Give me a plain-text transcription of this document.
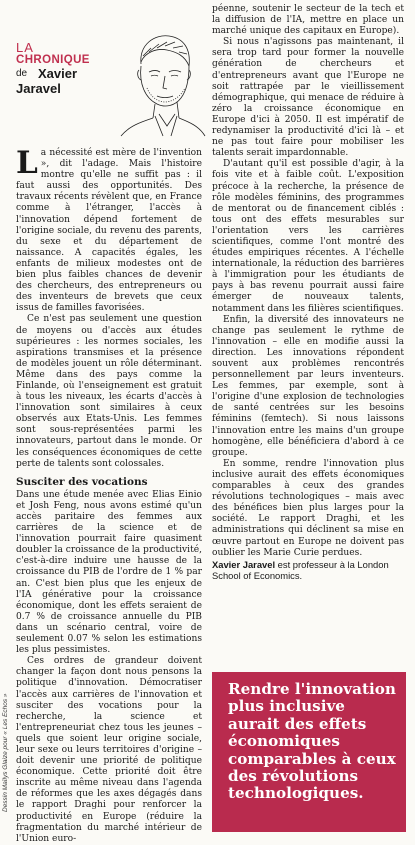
LA
CHRONIQUE
de Xavier
Jaravel

La nécessité est mère de l'invention », dit l'adage. Mais l'histoire montre qu'elle ne suffit pas : il faut aussi des opportunités. Des travaux récents révèlent que, en France comme à l'étranger, l'accès à l'innovation dépend fortement de l'origine sociale, du revenu des parents, du sexe et du département de naissance. A capacités égales, les enfants de milieux modestes ont de bien plus faibles chances de devenir des chercheurs, des entrepreneurs ou des inventeurs de brevets que ceux issus de familles favorisées.

Ce n'est pas seulement une question de moyens ou d'accès aux études supérieures : les normes sociales, les aspirations transmises et la présence de modèles jouent un rôle déterminant. Même dans des pays comme la Finlande, où l'enseignement est gratuit à tous les niveaux, les écarts d'accès à l'innovation sont similaires à ceux observés aux Etats-Unis. Les femmes sont sous-représentées parmi les innovateurs, partout dans le monde. Or les conséquences économiques de cette perte de talents sont colossales.

Susciter des vocations

Dans une étude menée avec Elias Einio et Josh Feng, nous avons estimé qu'un accès paritaire des femmes aux carrières de la science et de l'innovation pourrait faire quasiment doubler la croissance de la productivité, c'est-à-dire induire une hausse de la croissance du PIB de l'ordre de 1 % par an. C'est bien plus que les enjeux de l'IA générative pour la croissance économique, dont les effets seraient de 0.7 % de croissance annuelle du PIB dans un scénario central, voire de seulement 0.07 % selon les estimations les plus pessimistes.

Ces ordres de grandeur doivent changer la façon dont nous pensons la politique d'innovation. Démocratiser l'accès aux carrières de l'innovation et susciter des vocations pour la recherche, la science et l'entrepreneuriat chez tous les jeunes – quels que soient leur origine sociale, leur sexe ou leurs territoires d'origine – doit devenir une priorité de politique économique. Cette priorité doit être inscrite au même niveau dans l'agenda de réformes que les axes dégagés dans le rapport Draghi pour renforcer la productivité en Europe (réduire la fragmentation du marché intérieur de l'Union euro-

péenne, soutenir le secteur de la tech et la diffusion de l'IA, mettre en place un marché unique des capitaux en Europe).

Si nous n'agissons pas maintenant, il sera trop tard pour former la nouvelle génération de chercheurs et d'entrepreneurs avant que l'Europe ne soit rattrapée par le vieillissement démographique, qui menace de réduire à zéro la croissance économique en Europe d'ici à 2050. Il est impératif de redynamiser la productivité d'ici là – et ne pas tout faire pour mobiliser les talents serait impardonnable.

D'autant qu'il est possible d'agir, à la fois vite et à faible coût. L'exposition précoce à la recherche, la présence de rôle modèles féminins, des programmes de mentorat ou de financement ciblés : tous ont des effets mesurables sur l'orientation vers les carrières scientifiques, comme l'ont montré des études empiriques récentes. A l'échelle internationale, la réduction des barrières à l'immigration pour les étudiants de pays à bas revenu pourrait aussi faire émerger de nouveaux talents, notamment dans les filières scientifiques.

Enfin, la diversité des innovateurs ne change pas seulement le rythme de l'innovation – elle en modifie aussi la direction. Les innovations répondent souvent aux problèmes rencontrés personnellement par leurs inventeurs. Les femmes, par exemple, sont à l'origine d'une explosion de technologies de santé centrées sur les besoins féminins (femtech). Si nous laissons l'innovation entre les mains d'un groupe homogène, elle bénéficiera d'abord à ce groupe.

En somme, rendre l'innovation plus inclusive aurait des effets économiques comparables à ceux des grandes révolutions technologiques – mais avec des bénéfices bien plus larges pour la société. Le rapport Draghi, et les administrations qui déclinent sa mise en œuvre partout en Europe ne doivent pas oublier les Marie Curie perdues.

Xavier Jaravel est professeur à la London School of Economics.

Rendre l'innovation plus inclusive aurait des effets économiques comparables à ceux des révolutions technologiques.
Dessin Maïlys Glaize pour « Les Echos »
